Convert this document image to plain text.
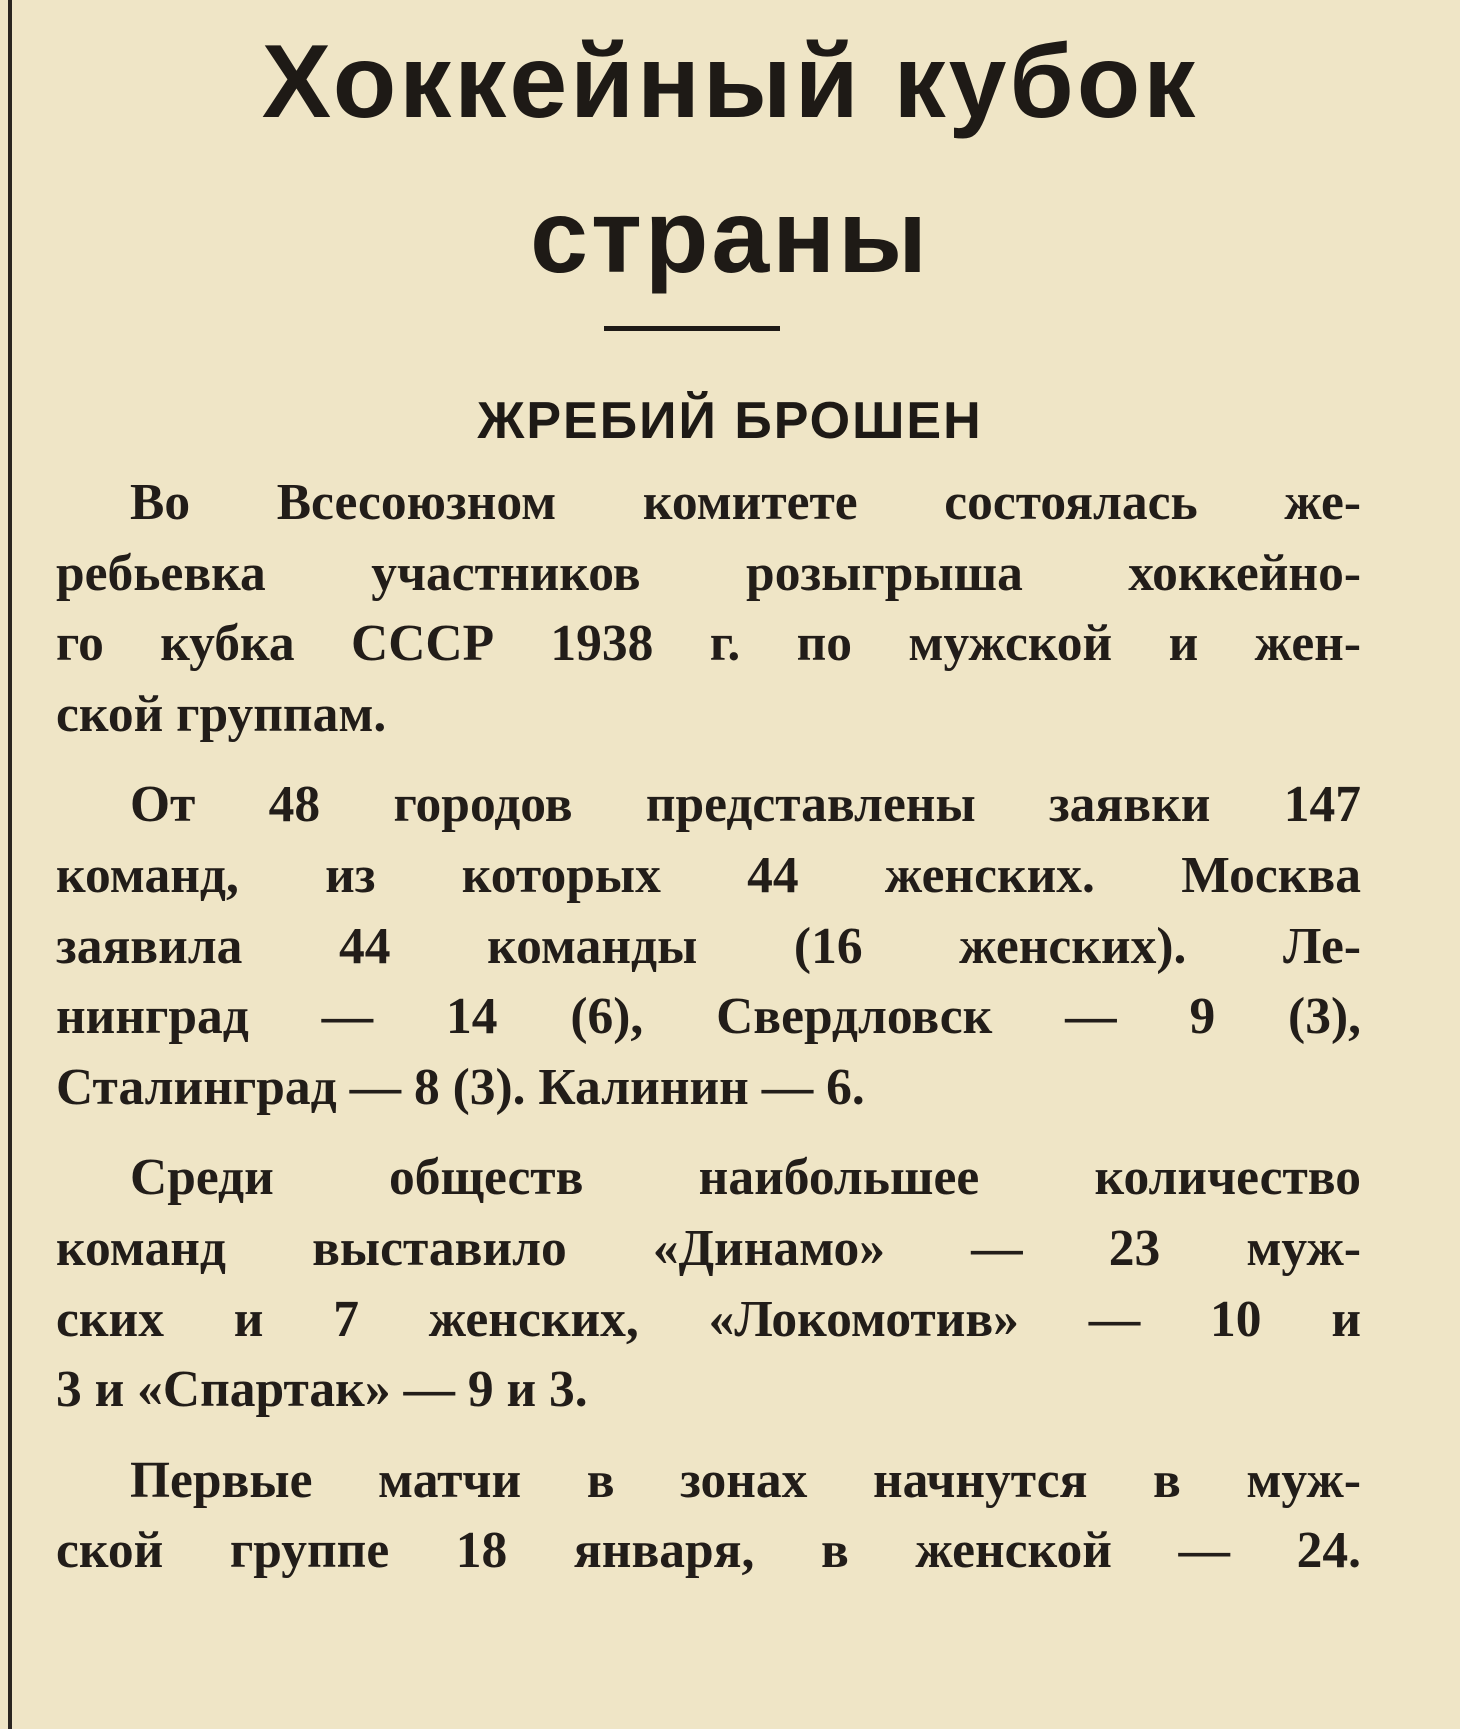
Хоккейный кубок
страны
ЖРЕБИЙ БРОШЕН

Во Всесоюзном комитете состоялась же-
ребьевка участников розыгрыша хоккейно-
го кубка СССР 1938 г. по мужской и жен-
ской группам.

От 48 городов представлены заявки 147
команд, из которых 44 женских. Москва
заявила 44 команды (16 женских). Ле-
нинград — 14 (6), Свердловск — 9 (3),
Сталинград — 8 (3). Калинин — 6.

Среди обществ наибольшее количество
команд выставило «Динамо» — 23 муж-
ских и 7 женских, «Локомотив» — 10 и
3 и «Спартак» — 9 и 3.

Первые матчи в зонах начнутся в муж-
ской группе 18 января, в женской — 24.
